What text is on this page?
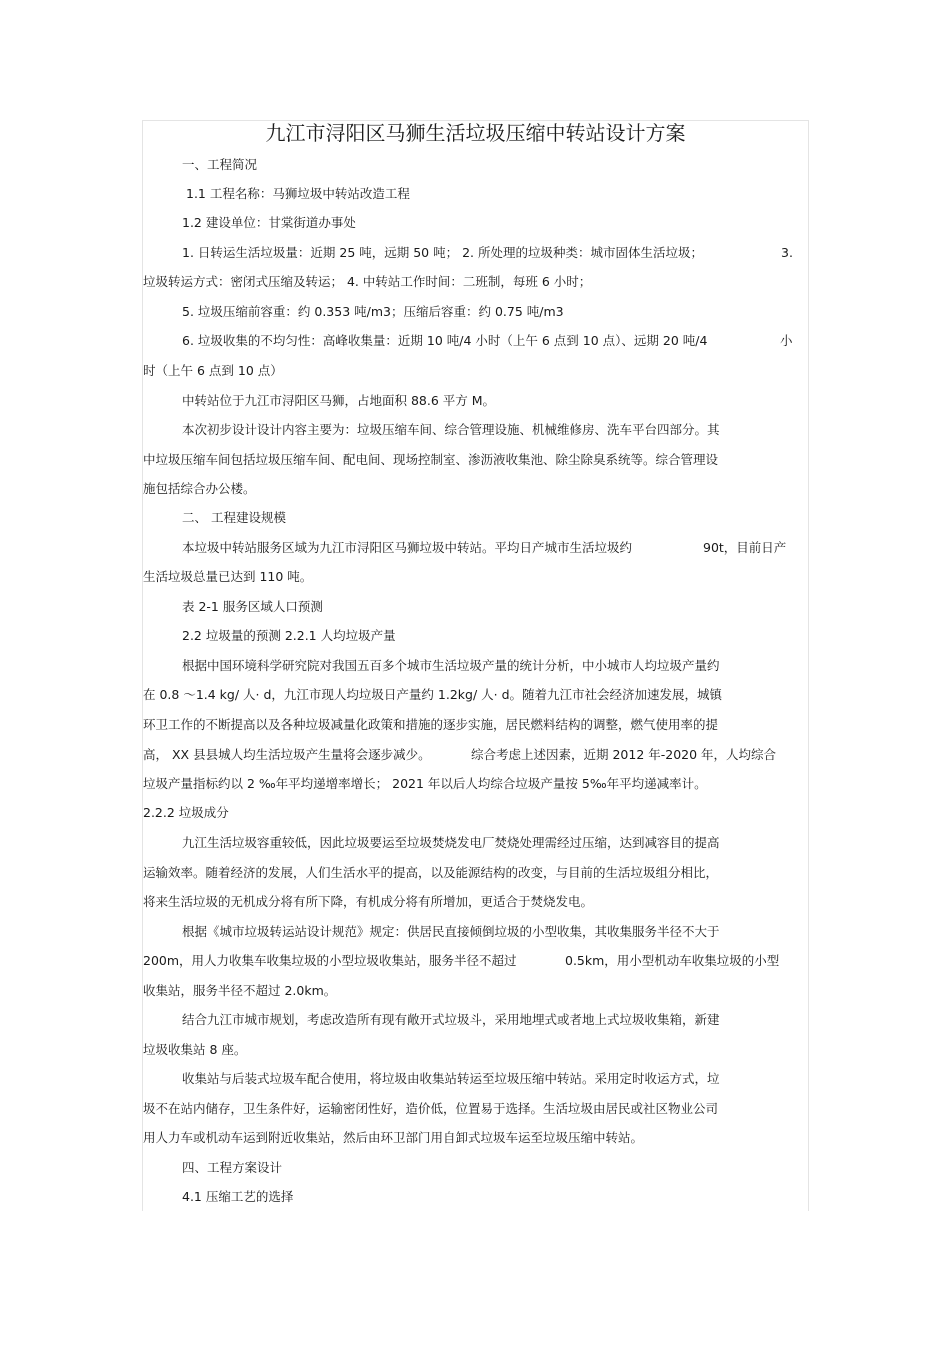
九江市浔阳区马狮生活垃圾压缩中转站设计方案
一、工程简况
1.1 工程名称：马狮垃圾中转站改造工程
1.2 建设单位：甘棠街道办事处
1. 日转运生活垃圾量：近期 25 吨，远期 50 吨； 2. 所处理的垃圾种类：城市固体生活垃圾；	3.
垃圾转运方式：密闭式压缩及转运； 4. 中转站工作时间：二班制，每班 6 小时；
5. 垃圾压缩前容重：约 0.353 吨/m3；压缩后容重：约 0.75 吨/m3
6. 垃圾收集的不均匀性：高峰收集量：近期 10 吨/4 小时（上午 6 点到 10 点）、远期 20 吨/4	小
时（上午 6 点到 10 点）
中转站位于九江市浔阳区马狮，占地面积 88.6 平方 M。
本次初步设计设计内容主要为：垃圾压缩车间、综合管理设施、机械维修房、洗车平台四部分。其
中垃圾压缩车间包括垃圾压缩车间、配电间、现场控制室、渗沥液收集池、除尘除臭系统等。综合管理设
施包括综合办公楼。
二、 工程建设规模
本垃圾中转站服务区域为九江市浔阳区马狮垃圾中转站。平均日产城市生活垃圾约	90t，目前日产
生活垃圾总量已达到 110 吨。
表 2-1 服务区域人口预测
2.2 垃圾量的预测 2.2.1 人均垃圾产量
根据中国环境科学研究院对我国五百多个城市生活垃圾产量的统计分析，中小城市人均垃圾产量约
在 0.8 ～1.4 kg/ 人· d，九江市现人均垃圾日产量约 1.2kg/ 人· d。随着九江市社会经济加速发展，城镇
环卫工作的不断提高以及各种垃圾减量化政策和措施的逐步实施，居民燃料结构的调整，燃气使用率的提
高， XX 县县城人均生活垃圾产生量将会逐步减少。	综合考虑上述因素，近期 2012 年-2020 年，人均综合
垃圾产量指标约以 2 ‰年平均递增率增长； 2021 年以后人均综合垃圾产量按 5‰年平均递减率计。
2.2.2 垃圾成分
九江生活垃圾容重较低，因此垃圾要运至垃圾焚烧发电厂焚烧处理需经过压缩，达到减容目的提高
运输效率。随着经济的发展，人们生活水平的提高，以及能源结构的改变，与目前的生活垃圾组分相比，
将来生活垃圾的无机成分将有所下降，有机成分将有所增加，更适合于焚烧发电。
根据《城市垃圾转运站设计规范》规定：供居民直接倾倒垃圾的小型收集，其收集服务半径不大于
200m，用人力收集车收集垃圾的小型垃圾收集站，服务半径不超过	0.5km，用小型机动车收集垃圾的小型
收集站，服务半径不超过 2.0km。
结合九江市城市规划，考虑改造所有现有敞开式垃圾斗，采用地埋式或者地上式垃圾收集箱，新建
垃圾收集站 8 座。
收集站与后装式垃圾车配合使用，将垃圾由收集站转运至垃圾压缩中转站。采用定时收运方式，垃
圾不在站内储存，卫生条件好，运输密闭性好，造价低，位置易于选择。生活垃圾由居民或社区物业公司
用人力车或机动车运到附近收集站，然后由环卫部门用自卸式垃圾车运至垃圾压缩中转站。
四、工程方案设计
4.1 压缩工艺的选择
